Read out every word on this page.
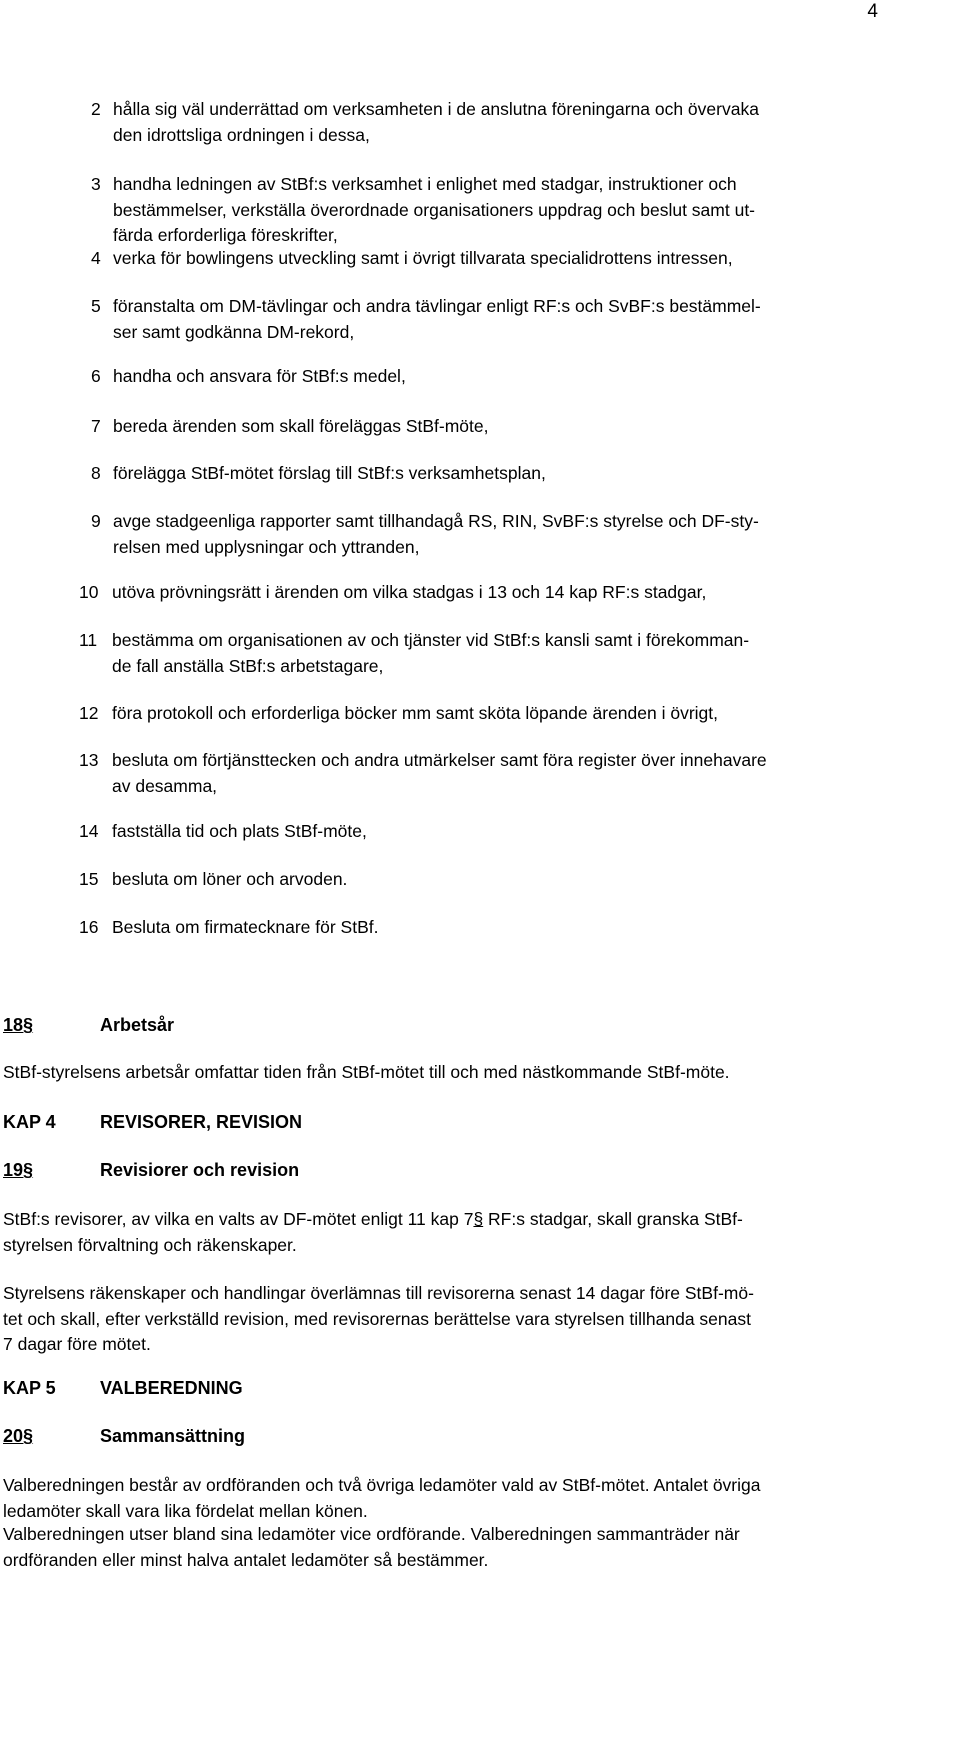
4
2 hålla sig väl underrättad om verksamheten i de anslutna föreningarna och övervaka
den idrottsliga ordningen i dessa,
3 handha ledningen av StBf:s verksamhet i enlighet med stadgar, instruktioner och
bestämmelser, verkställa överordnade organisationers uppdrag och beslut samt ut-
färda erforderliga föreskrifter,
4 verka för bowlingens utveckling samt i övrigt tillvarata specialidrottens intressen,
5 föranstalta om DM-tävlingar och andra tävlingar enligt RF:s och SvBF:s bestämmel-
ser samt godkänna DM-rekord,
6 handha och ansvara för StBf:s medel,
7 bereda ärenden som skall föreläggas StBf-möte,
8 förelägga StBf-mötet förslag till StBf:s verksamhetsplan,
9 avge stadgeenliga rapporter samt tillhandagå RS, RIN, SvBF:s styrelse och DF-sty-
relsen med upplysningar och yttranden,
10 utöva prövningsrätt i ärenden om vilka stadgas i 13 och 14 kap RF:s stadgar,
11 bestämma om organisationen av och tjänster vid StBf:s kansli samt i förekomman-
de fall anställa StBf:s arbetstagare,
12 föra protokoll och erforderliga böcker mm samt sköta löpande ärenden i övrigt,
13 besluta om förtjänsttecken och andra utmärkelser samt föra register över innehavare
av desamma,
14 fastställa tid och plats StBf-möte,
15 besluta om löner och arvoden.
16 Besluta om firmatecknare för StBf.
18§	Arbetsår
StBf-styrelsens arbetsår omfattar tiden från StBf-mötet till och med nästkommande StBf-möte.
KAP 4 REVISORER, REVISION
19§	Revisiorer och revision
StBf:s revisorer, av vilka en valts av DF-mötet enligt 11 kap 7§ RF:s stadgar, skall granska StBf-
styrelsen förvaltning och räkenskaper.
Styrelsens räkenskaper och handlingar överlämnas till revisorerna senast 14 dagar före StBf-mö-
tet och skall, efter verkställd revision, med revisorernas berättelse vara styrelsen tillhanda senast
7 dagar före mötet.
KAP 5 VALBEREDNING
20§	Sammansättning
Valberedningen består av ordföranden och två övriga ledamöter vald av StBf-mötet. Antalet övriga
ledamöter skall vara lika fördelat mellan könen.
Valberedningen utser bland sina ledamöter vice ordförande. Valberedningen sammanträder när
ordföranden eller minst halva antalet ledamöter så bestämmer.
